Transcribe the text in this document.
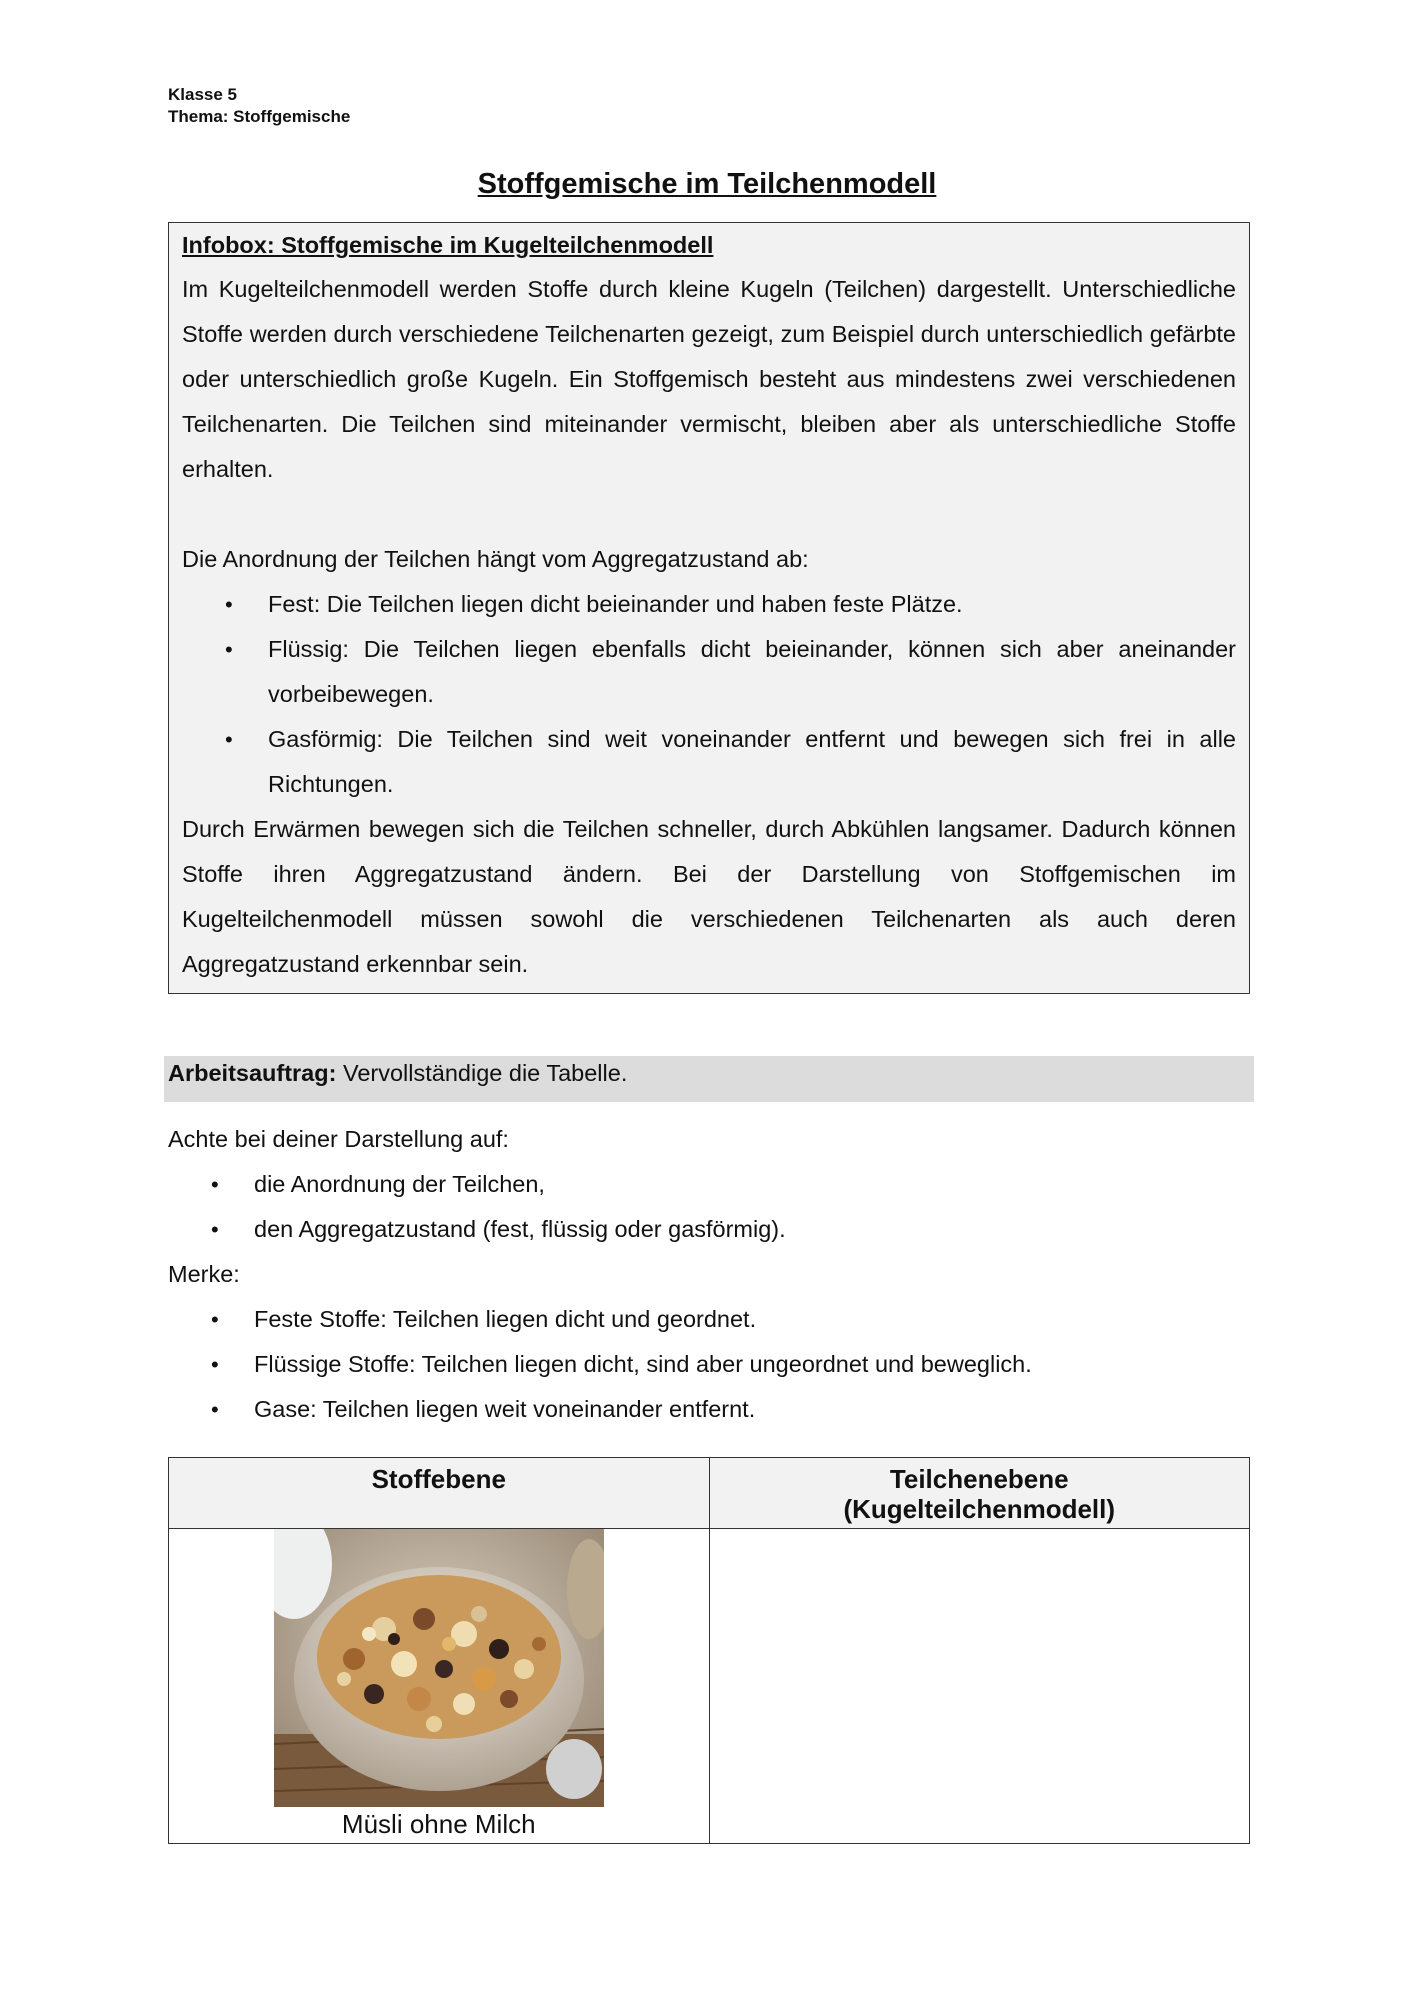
Klasse 5
Thema: Stoffgemische
Stoffgemische im Teilchenmodell
Infobox: Stoffgemische im Kugelteilchenmodell

Im Kugelteilchenmodell werden Stoffe durch kleine Kugeln (Teilchen) dargestellt. Unterschiedliche Stoffe werden durch verschiedene Teilchenarten gezeigt, zum Beispiel durch unterschiedlich gefärbte oder unterschiedlich große Kugeln. Ein Stoffgemisch besteht aus mindestens zwei verschiedenen Teilchenarten. Die Teilchen sind miteinander vermischt, bleiben aber als unterschiedliche Stoffe erhalten.

Die Anordnung der Teilchen hängt vom Aggregatzustand ab:

• Fest: Die Teilchen liegen dicht beieinander und haben feste Plätze.
• Flüssig: Die Teilchen liegen ebenfalls dicht beieinander, können sich aber aneinander vorbeibewegen.
• Gasförmig: Die Teilchen sind weit voneinander entfernt und bewegen sich frei in alle Richtungen.

Durch Erwärmen bewegen sich die Teilchen schneller, durch Abkühlen langsamer. Dadurch können Stoffe ihren Aggregatzustand ändern. Bei der Darstellung von Stoffgemischen im Kugelteilchenmodell müssen sowohl die verschiedenen Teilchenarten als auch deren Aggregatzustand erkennbar sein.

Arbeitsauftrag: Vervollständige die Tabelle.

Achte bei deiner Darstellung auf:

• die Anordnung der Teilchen,
• den Aggregatzustand (fest, flüssig oder gasförmig).

Merke:

• Feste Stoffe: Teilchen liegen dicht und geordnet.
• Flüssige Stoffe: Teilchen liegen dicht, sind aber ungeordnet und beweglich.
• Gase: Teilchen liegen weit voneinander entfernt.
Stoffebene	Teilchenebene
(Kugelteilchenmodell)

Müsli ohne Milch	
